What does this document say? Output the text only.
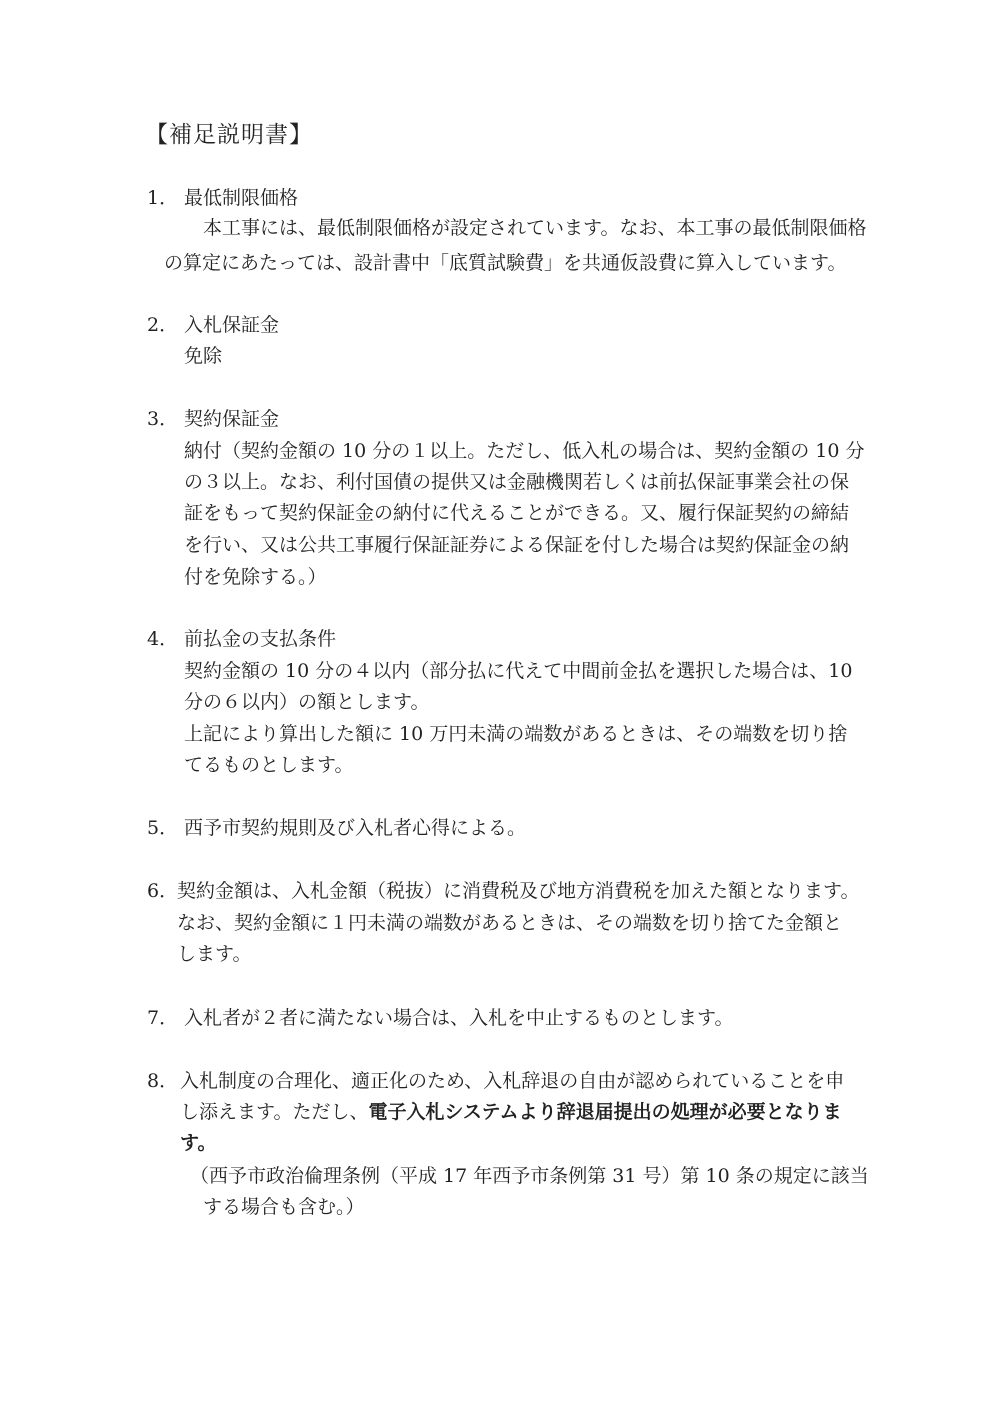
【補足説明書】
1． 最低制限価格
本工事には、最低制限価格が設定されています。なお、本工事の最低制限価格
の算定にあたっては、設計書中「底質試験費」を共通仮設費に算入しています。
2． 入札保証金
免除
3． 契約保証金
納付（契約金額の 10 分の１以上。ただし、低入札の場合は、契約金額の 10 分
の３以上。なお、利付国債の提供又は金融機関若しくは前払保証事業会社の保
証をもって契約保証金の納付に代えることができる。又、履行保証契約の締結
を行い、又は公共工事履行保証証券による保証を付した場合は契約保証金の納
付を免除する。）
4． 前払金の支払条件
契約金額の 10 分の４以内（部分払に代えて中間前金払を選択した場合は、10
分の６以内）の額とします。
上記により算出した額に 10 万円未満の端数があるときは、その端数を切り捨
てるものとします。
5． 西予市契約規則及び入札者心得による。
6．
契約金額は、入札金額（税抜）に消費税及び地方消費税を加えた額となります。
なお、契約金額に１円未満の端数があるときは、その端数を切り捨てた金額と
します。
7． 入札者が２者に満たない場合は、入札を中止するものとします。
8． 入札制度の合理化、適正化のため、入札辞退の自由が認められていることを申
し添えます。ただし、電子入札システムより辞退届提出の処理が必要となりま
す。
（西予市政治倫理条例（平成 17 年西予市条例第 31 号）第 10 条の規定に該当
する場合も含む。）
